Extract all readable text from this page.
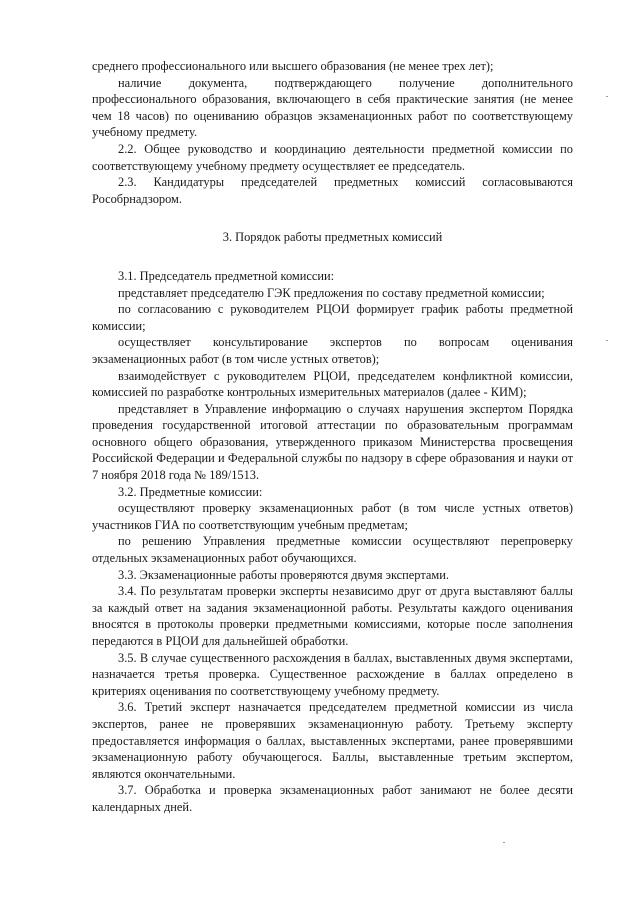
среднего профессионального или высшего образования (не менее трех лет);

наличие документа, подтверждающего получение дополнительного профессионального образования, включающего в себя практические занятия (не менее чем 18 часов) по оцениванию образцов экзаменационных работ по соответствующему учебному предмету.

2.2. Общее руководство и координацию деятельности предметной комиссии по соответствующему учебному предмету осуществляет ее председатель.

2.3. Кандидатуры председателей предметных комиссий согласовываются Рособрнадзором.

3. Порядок работы предметных комиссий

3.1. Председатель предметной комиссии:

представляет председателю ГЭК предложения по составу предметной комиссии;

по согласованию с руководителем РЦОИ формирует график работы предметной комиссии;

осуществляет консультирование экспертов по вопросам оценивания экзаменационных работ (в том числе устных ответов);

взаимодействует с руководителем РЦОИ, председателем конфликтной комиссии, комиссией по разработке контрольных измерительных материалов (далее - КИМ);

представляет в Управление информацию о случаях нарушения экспертом Порядка проведения государственной итоговой аттестации по образовательным программам основного общего образования, утвержденного приказом Министерства просвещения Российской Федерации и Федеральной службы по надзору в сфере образования и науки от 7 ноября 2018 года № 189/1513.

3.2. Предметные комиссии:

осуществляют проверку экзаменационных работ (в том числе устных ответов) участников ГИА по соответствующим учебным предметам;

по решению Управления предметные комиссии осуществляют перепроверку отдельных экзаменационных работ обучающихся.

3.3. Экзаменационные работы проверяются двумя экспертами.

3.4. По результатам проверки эксперты независимо друг от друга выставляют баллы за каждый ответ на задания экзаменационной работы. Результаты каждого оценивания вносятся в протоколы проверки предметными комиссиями, которые после заполнения передаются в РЦОИ для дальнейшей обработки.

3.5. В случае существенного расхождения в баллах, выставленных двумя экспертами, назначается третья проверка. Существенное расхождение в баллах определено в критериях оценивания по соответствующему учебному предмету.

3.6. Третий эксперт назначается председателем предметной комиссии из числа экспертов, ранее не проверявших экзаменационную работу. Третьему эксперту предоставляется информация о баллах, выставленных экспертами, ранее проверявшими экзаменационную работу обучающегося. Баллы, выставленные третьим экспертом, являются окончательными.

3.7. Обработка и проверка экзаменационных работ занимают не более десяти календарных дней.
